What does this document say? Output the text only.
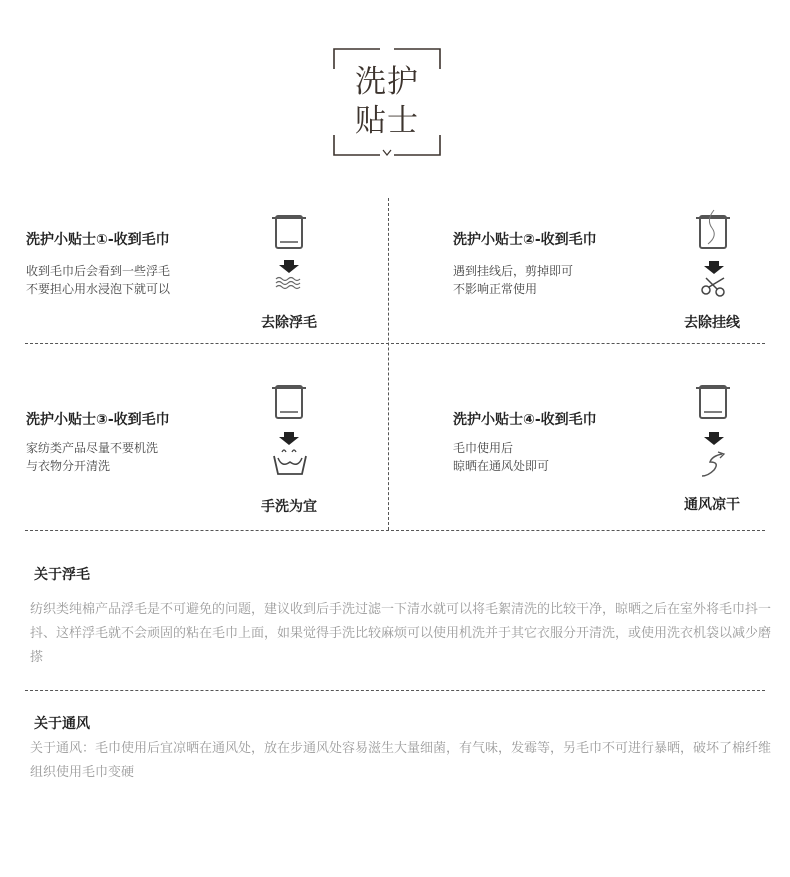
洗护
贴士
洗护小贴士①-收到毛巾
收到毛巾后会看到一些浮毛
不要担心用水浸泡下就可以
去除浮毛
洗护小贴士②-收到毛巾
遇到挂线后，剪掉即可
不影响正常使用
去除挂线
洗护小贴士③-收到毛巾
家纺类产品尽量不要机洗
与衣物分开清洗
手洗为宜
洗护小贴士④-收到毛巾
毛巾使用后
晾晒在通风处即可
通风凉干
关于浮毛
纺织类纯棉产品浮毛是不可避免的问题，建议收到后手洗过滤一下清水就可以将毛絮清洗的比较干净，晾晒之后在室外将毛巾抖一抖、这样浮毛就不会顽固的粘在毛巾上面，如果觉得手洗比较麻烦可以使用机洗并于其它衣服分开清洗，或使用洗衣机袋以减少磨搽
关于通风
关于通风：毛巾使用后宜凉晒在通风处，放在步通风处容易滋生大量细菌，有气味，发霉等，另毛巾不可进行暴晒，破坏了棉纤维组织使用毛巾变硬
